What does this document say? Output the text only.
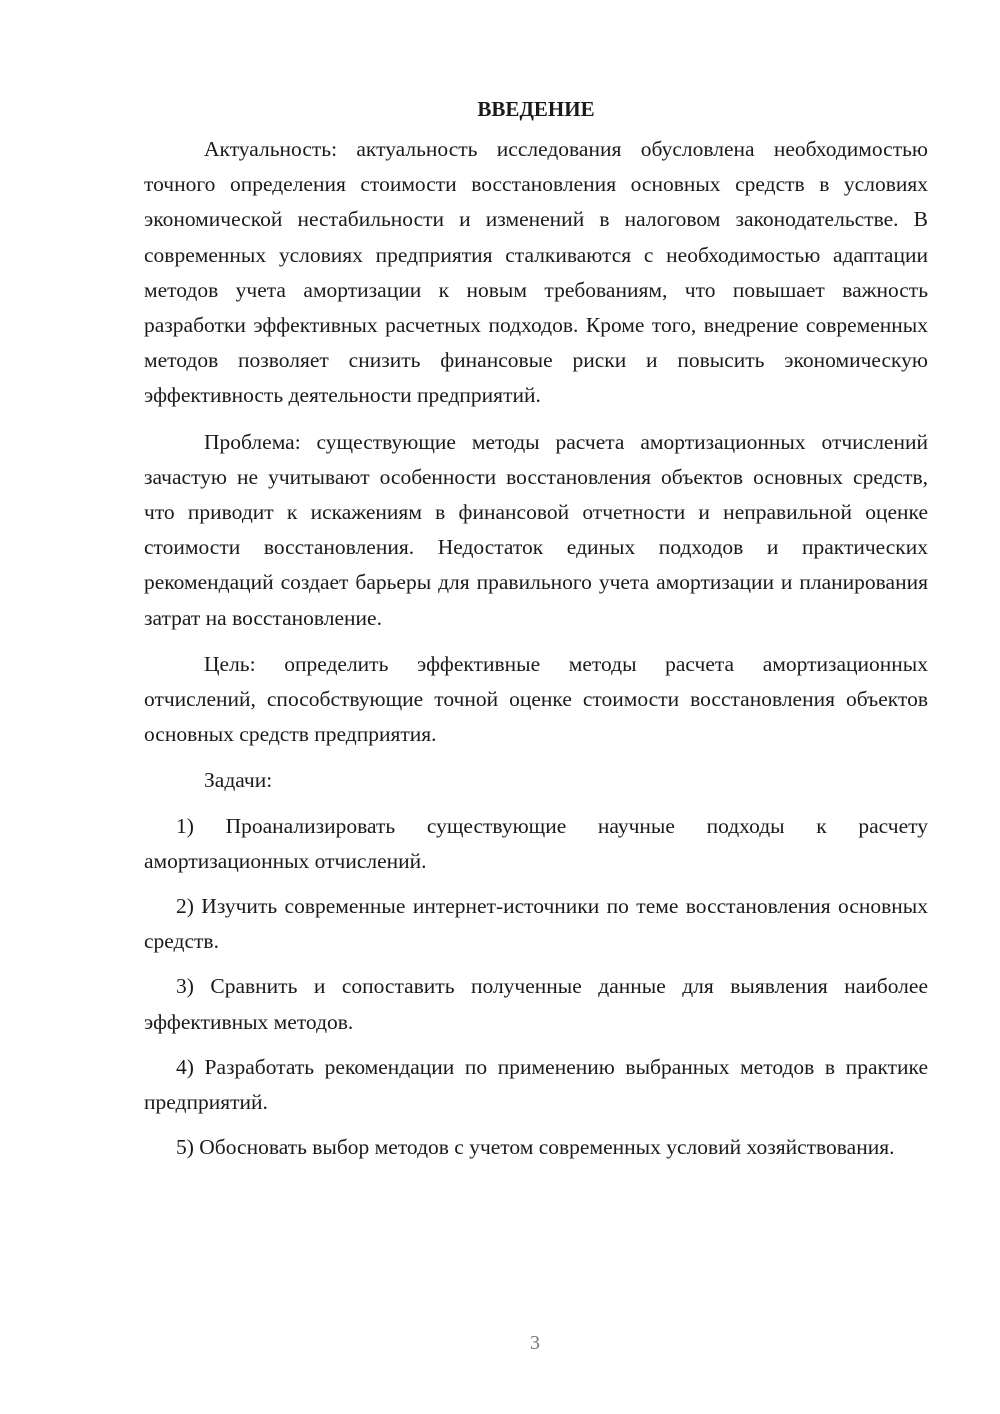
ВВЕДЕНИЕ

Актуальность: актуальность исследования обусловлена необходимостью точного определения стоимости восстановления основных средств в условиях экономической нестабильности и изменений в налоговом законодательстве. В современных условиях предприятия сталкиваются с необходимостью адаптации методов учета амортизации к новым требованиям, что повышает важность разработки эффективных расчетных подходов. Кроме того, внедрение современных методов позволяет снизить финансовые риски и повысить экономическую эффективность деятельности предприятий.

Проблема: существующие методы расчета амортизационных отчислений зачастую не учитывают особенности восстановления объектов основных средств, что приводит к искажениям в финансовой отчетности и неправильной оценке стоимости восстановления. Недостаток единых подходов и практических рекомендаций создает барьеры для правильного учета амортизации и планирования затрат на восстановление.

Цель: определить эффективные методы расчета амортизационных отчислений, способствующие точной оценке стоимости восстановления объектов основных средств предприятия.

Задачи:

1) Проанализировать существующие научные подходы к расчету амортизационных отчислений.

2) Изучить современные интернет-источники по теме восстановления основных средств.

3) Сравнить и сопоставить полученные данные для выявления наиболее эффективных методов.

4) Разработать рекомендации по применению выбранных методов в практике предприятий.

5) Обосновать выбор методов с учетом современных условий хозяйствования.

3
